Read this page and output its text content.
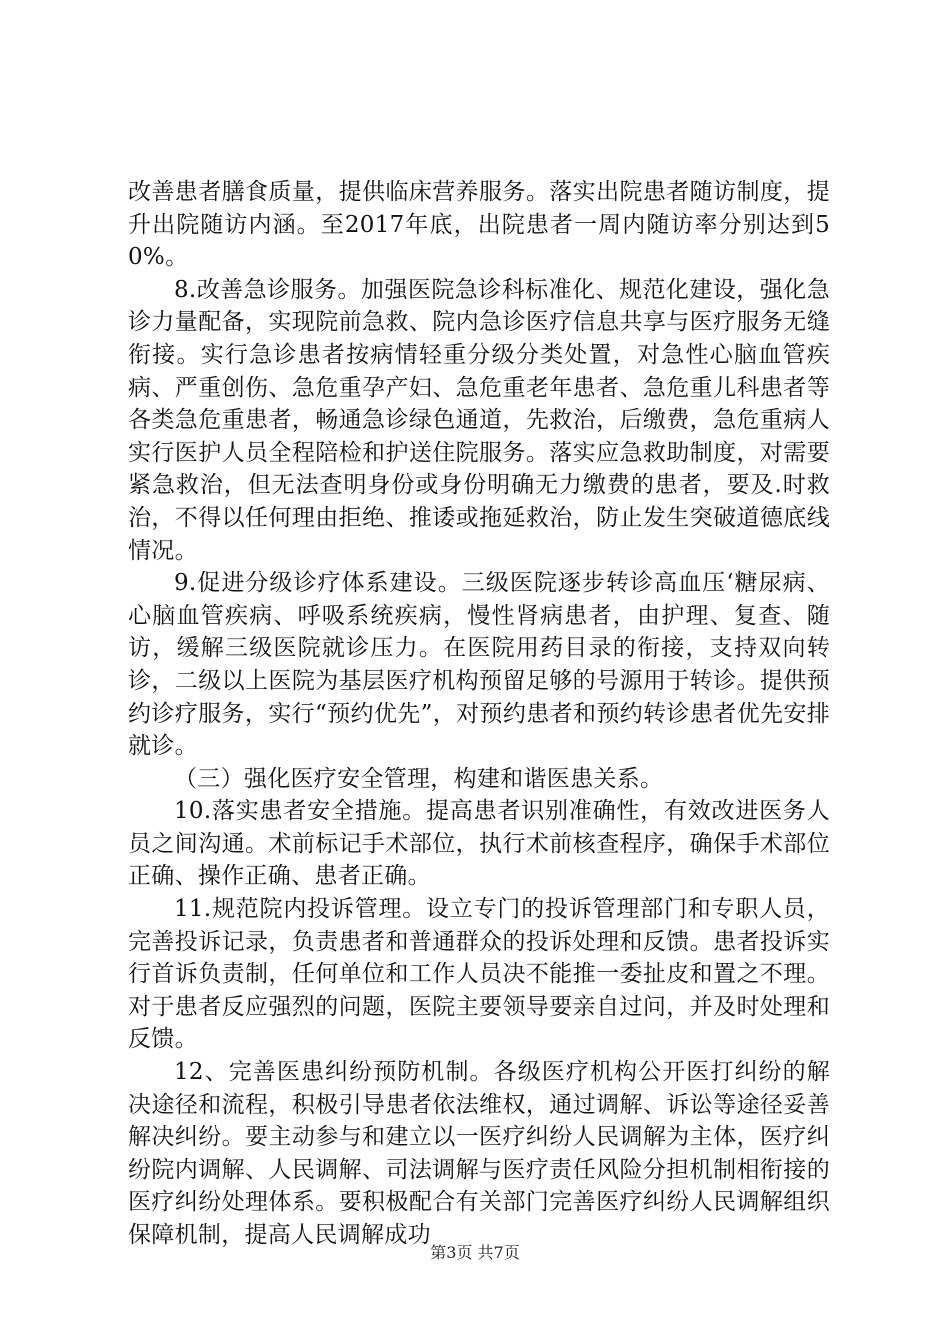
改善患者膳食质量，提供临床营养服务。落实出院患者随访制度，提升出院随访内涵。至2017年底，出院患者一周内随访率分别达到50%。

8.改善急诊服务。加强医院急诊科标准化、规范化建设，强化急诊力量配备，实现院前急救、院内急诊医疗信息共享与医疗服务无缝衔接。实行急诊患者按病情轻重分级分类处置，对急性心脑血管疾病、严重创伤、急危重孕产妇、急危重老年患者、急危重儿科患者等各类急危重患者，畅通急诊绿色通道，先救治，后缴费，急危重病人实行医护人员全程陪检和护送住院服务。落实应急救助制度，对需要紧急救治，但无法查明身份或身份明确无力缴费的患者，要及.时救治，不得以任何理由拒绝、推诿或拖延救治，防止发生突破道德底线情况。

9.促进分级诊疗体系建设。三级医院逐步转诊高血压‘糖尿病、心脑血管疾病、呼吸系统疾病，慢性肾病患者，由护理、复查、随访，缓解三级医院就诊压力。在医院用药目录的衔接，支持双向转诊，二级以上医院为基层医疗机构预留足够的号源用于转诊。提供预约诊疗服务，实行“预约优先”，对预约患者和预约转诊患者优先安排就诊。

（三）强化医疗安全管理，构建和谐医患关系。

10.落实患者安全措施。提高患者识别准确性，有效改进医务人员之间沟通。术前标记手术部位，执行术前核查程序，确保手术部位正确、操作正确、患者正确。

11.规范院内投诉管理。设立专门的投诉管理部门和专职人员，完善投诉记录，负责患者和普通群众的投诉处理和反馈。患者投诉实行首诉负责制，任何单位和工作人员决不能推一委扯皮和置之不理。对于患者反应强烈的问题，医院主要领导要亲自过问，并及时处理和反馈。

12、完善医患纠纷预防机制。各级医疗机构公开医打纠纷的解决途径和流程，积极引导患者依法维权，通过调解、诉讼等途径妥善解决纠纷。要主动参与和建立以一医疗纠纷人民调解为主体，医疗纠纷院内调解、人民调解、司法调解与医疗责任风险分担机制相衔接的医疗纠纷处理体系。要积极配合有关部门完善医疗纠纷人民调解组织保障机制，提高人民调解成功

第3页 共7页
